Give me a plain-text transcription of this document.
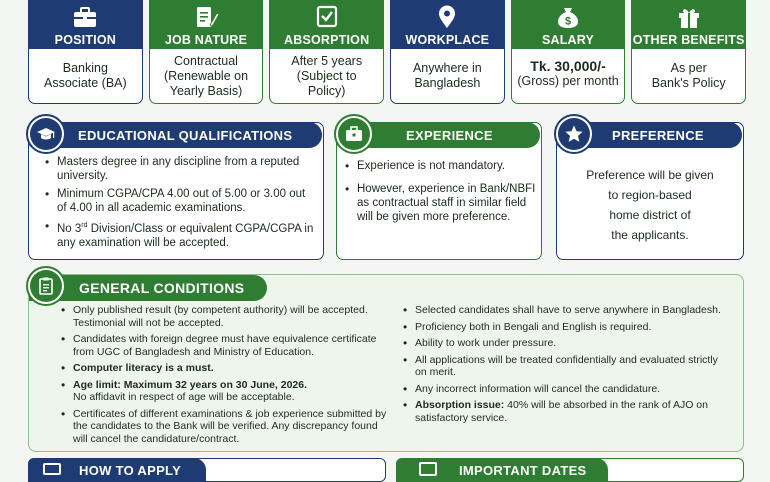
POSITION
Banking Associate (BA)
JOB NATURE
Contractual (Renewable on Yearly Basis)
ABSORPTION
After 5 years (Subject to Policy)
WORKPLACE
Anywhere in Bangladesh
$
SALARY
Tk. 30,000/-
(Gross) per month
OTHER BENEFITS
As per Bank's Policy
EDUCATIONAL QUALIFICATIONS
• Masters degree in any discipline from a reputed university.
• Minimum CGPA/CPA 4.00 out of 5.00 or 3.00 out of 4.00 in all academic examinations.
• No 3rd Division/Class or equivalent CGPA/CGPA in any examination will be accepted.
EXPERIENCE
• Experience is not mandatory.
• However, experience in Bank/NBFI as contractual staff in similar field will be given more preference.
PREFERENCE
Preference will be given
to region-based
home district of
the applicants.
GENERAL CONDITIONS
• Only published result (by competent authority) will be accepted. Testimonial will not be accepted.
• Candidates with foreign degree must have equivalence certificate from UGC of Bangladesh and Ministry of Education.
• Computer literacy is a must.
• Age limit: Maximum 32 years on 30 June, 2026.
No affidavit in respect of age will be acceptable.
• Certificates of different examinations & job experience submitted by the candidates to the Bank will be verified. Any discrepancy found will cancel the candidature/contract.
• Selected candidates shall have to serve anywhere in Bangladesh.
• Proficiency both in Bengali and English is required.
• Ability to work under pressure.
• All applications will be treated confidentially and evaluated strictly on merit.
• Any incorrect information will cancel the candidature.
• Absorption issue: 40% will be absorbed in the rank of AJO on satisfactory service.
HOW TO APPLY	IMPORTANT DATES
